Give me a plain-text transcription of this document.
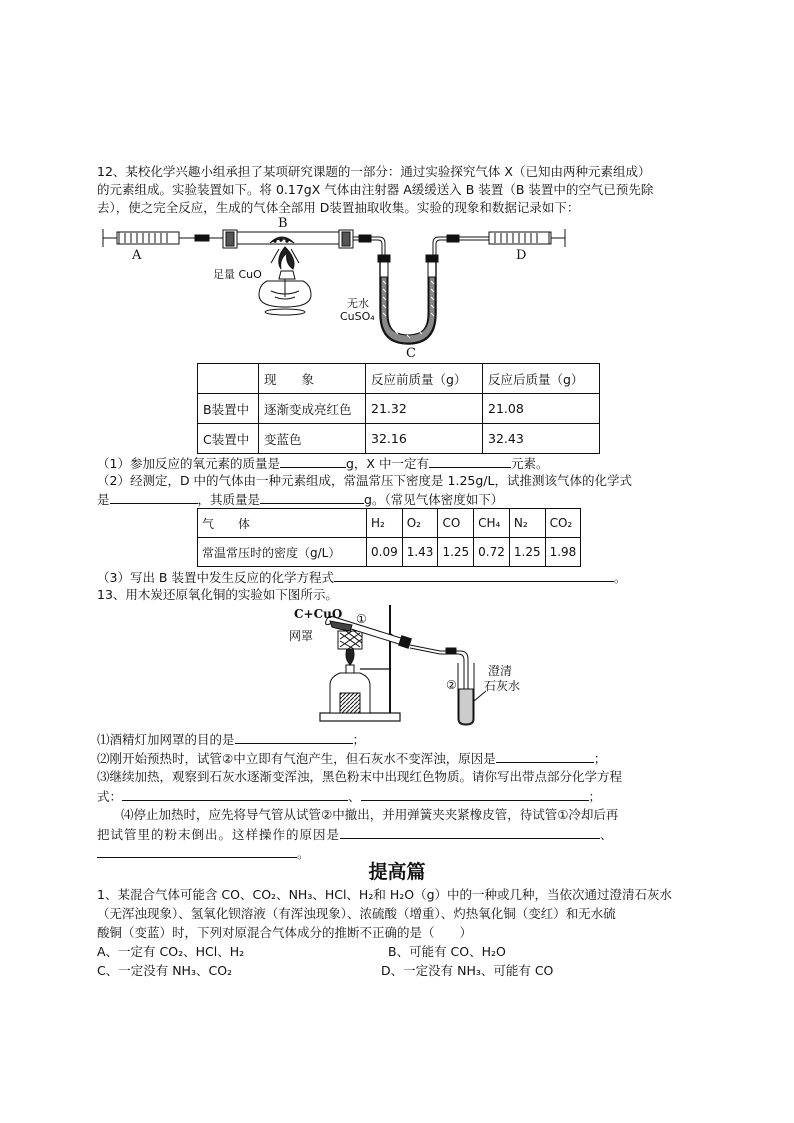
12、某校化学兴趣小组承担了某项研究课题的一部分：通过实验探究气体 X（已知由两种元素组成）
的元素组成。实验装置如下。将 0.17gX 气体由注射器 A缓缓送入 B 装置（B 装置中的空气已预先除
去），使之完全反应，生成的气体全部用 D装置抽取收集。实验的现象和数据记录如下：
A
B
C
D
足量 CuO
无水
CuSO₄
	现　　象	反应前质量（g）	反应后质量（g）
B装置中	逐渐变成亮红色	21.32	21.08
C装置中	变蓝色	32.16	32.43
（1）参加反应的氧元素的质量是	g，X 中一定有	元素。
（2）经测定，D 中的气体由一种元素组成，常温常压下密度是 1.25g/L，试推测该气体的化学式
是	，其质量是	g。（常见气体密度如下）
气　　体	H₂	O₂	CO	CH₄	N₂	CO₂
常温常压时的密度（g/L）	0.09	1.43	1.25	0.72	1.25	1.98
（3）写出 B 装置中发生反应的化学方程式	。
13、用木炭还原氧化铜的实验如下图所示。
C+CuO ①
网罩
②
澄清
石灰水
⑴酒精灯加网罩的目的是	；
⑵刚开始预热时，试管②中立即有气泡产生，但石灰水不变浑浊，原因是	；
⑶继续加热，观察到石灰水逐渐变浑浊，黑色粉末中出现红色物质。请你写出带点部分化学方程
式：	、	；
⑷停止加热时，应先将导气管从试管②中撤出，并用弹簧夹夹紧橡皮管，待试管①冷却后再
把试管里的粉末倒出。这样操作的原因是	、
。
提高篇
1、某混合气体可能含 CO、CO₂、NH₃、HCl、H₂和 H₂O（g）中的一种或几种，当依次通过澄清石灰水
（无浑浊现象）、氢氧化钡溶液（有浑浊现象）、浓硫酸（增重）、灼热氧化铜（变红）和无水硫
酸铜（变蓝）时，下列对原混合气体成分的推断不正确的是（　　）
A、一定有 CO₂、HCl、H₂	B、可能有 CO、H₂O
C、一定没有 NH₃、CO₂	D、一定没有 NH₃、可能有 CO
